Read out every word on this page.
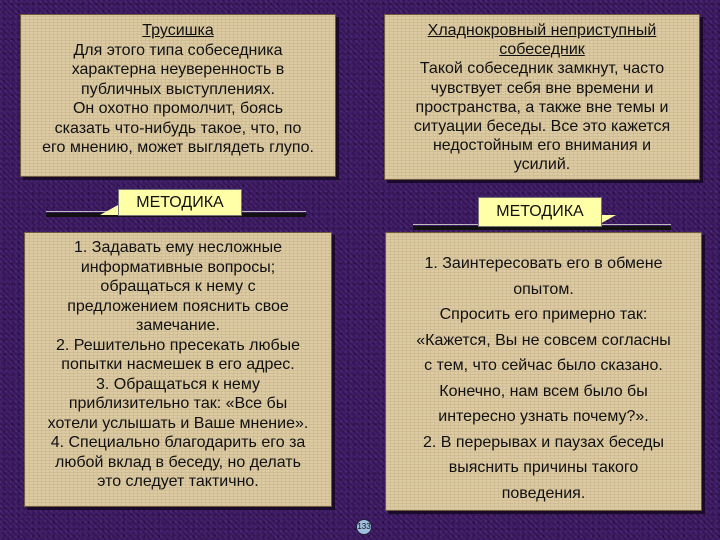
Трусишка
Для этого типа собеседника
характерна неуверенность в
публичных выступлениях.
Он охотно промолчит, боясь
сказать что-нибудь такое, что, по
его мнению, может выглядеть глупо.
Хладнокровный неприступный
собеседник
Такой собеседник замкнут, часто
чувствует себя вне времени и
пространства, а также вне темы и
ситуации беседы. Все это кажется
недостойным его внимания и
усилий.
МЕТОДИКА
МЕТОДИКА
1. Задавать ему несложные
информативные вопросы;
обращаться к нему с
предложением пояснить свое
замечание.
2. Решительно пресекать любые
попытки насмешек в его адрес.
3. Обращаться к нему
приблизительно так: «Все бы
хотели услышать и Ваше мнение».
4. Специально благодарить его за
любой вклад в беседу, но делать
это следует тактично.
1. Заинтересовать его в обмене
опытом.
Спросить его примерно так:
«Кажется, Вы не совсем согласны
с тем, что сейчас было сказано.
Конечно, нам всем было бы
интересно узнать почему?».
2. В перерывах и паузах беседы
выяснить причины такого
поведения.
133
